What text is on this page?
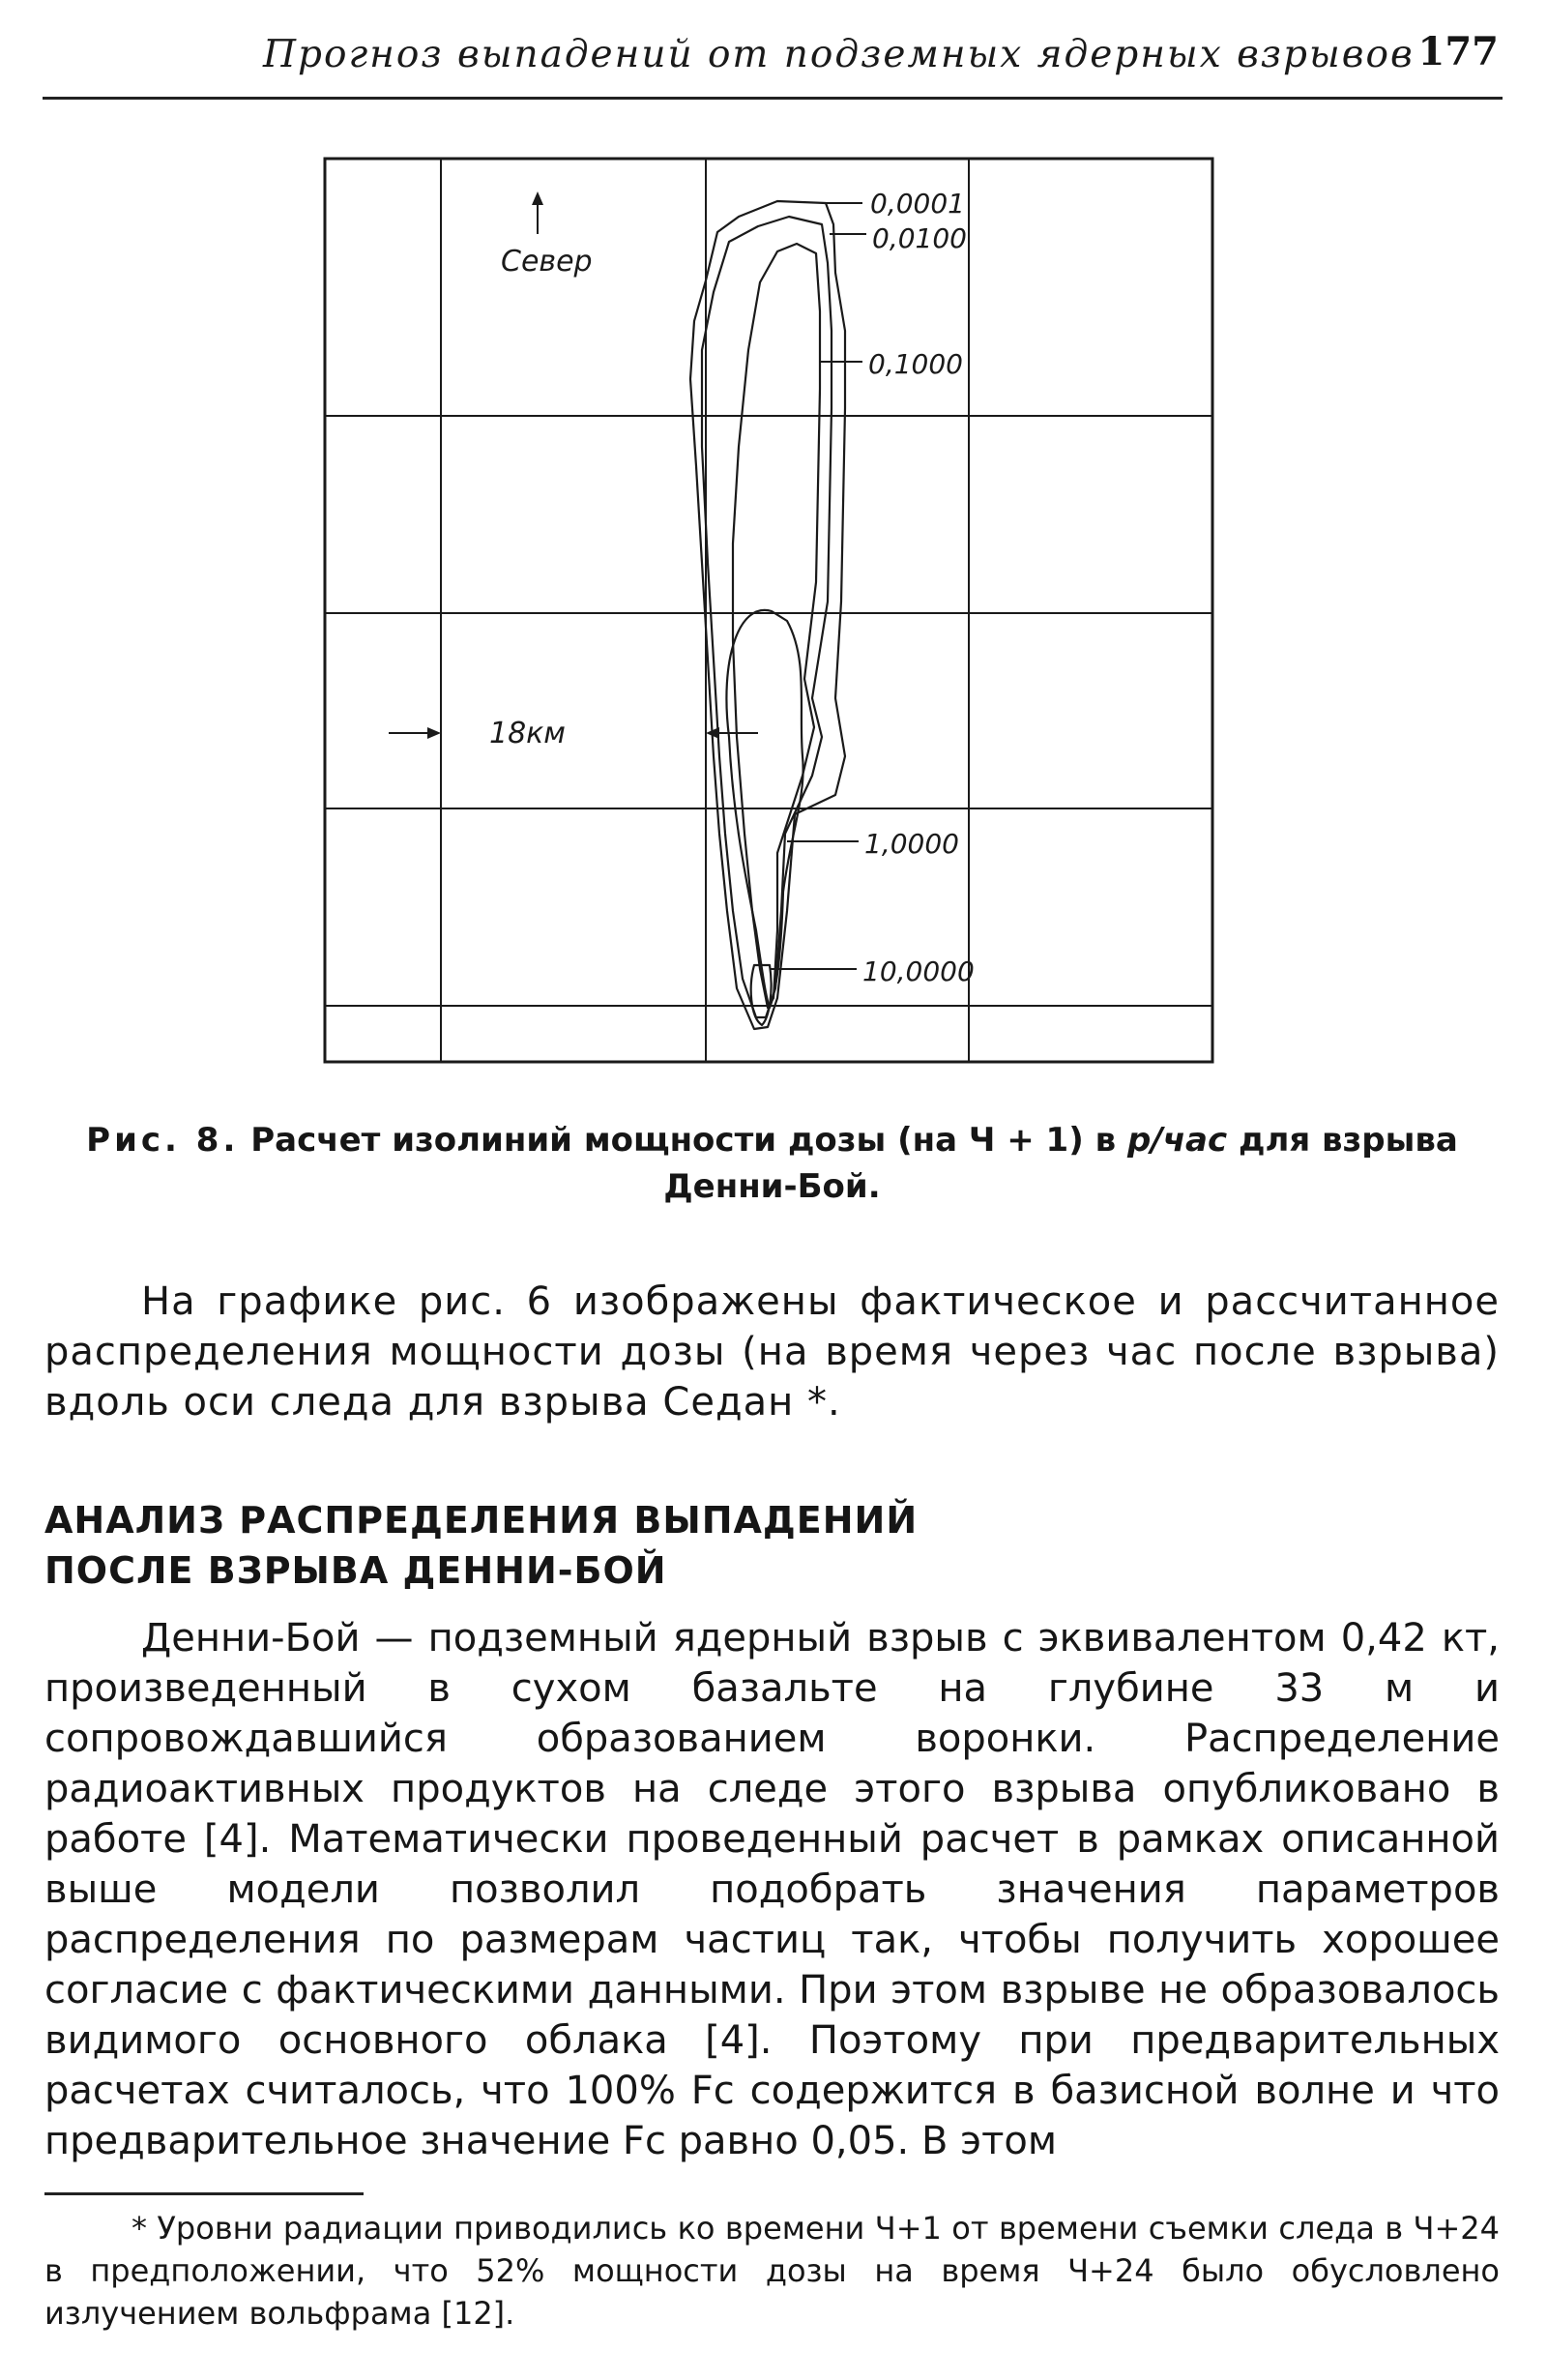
Прогноз выпадений от подземных ядерных взрывов 177
Север
18км
0,0001
0,0100
0,1000
1,0000
10,0000
Рис. 8. Расчет изолиний мощности дозы (на Ч + 1) в р/час для взрыва Денни-Бой.

На графике рис. 6 изображены фактическое и рассчитанное распределения мощности дозы (на время через час после взрыва) вдоль оси следа для взрыва Седан *.

АНАЛИЗ РАСПРЕДЕЛЕНИЯ ВЫПАДЕНИЙ
ПОСЛЕ ВЗРЫВА ДЕННИ-БОЙ

Денни-Бой — подземный ядерный взрыв с эквивалентом 0,42 кт, произведенный в сухом базальте на глубине 33 м и сопровождавшийся образованием воронки. Распределение радиоактивных продуктов на следе этого взрыва опубликовано в работе [4]. Математически проведенный расчет в рамках описанной выше модели позволил подобрать значения параметров распределения по размерам частиц так, чтобы получить хорошее согласие с фактическими данными. При этом взрыве не образовалось видимого основного облака [4]. Поэтому при предварительных расчетах считалось, что 100% Fc содержится в базисной волне и что предварительное значение Fc равно 0,05. В этом

* Уровни радиации приводились ко времени Ч+1 от времени съемки следа в Ч+24 в предположении, что 52% мощности дозы на время Ч+24 было обусловлено излучением вольфрама [12].
